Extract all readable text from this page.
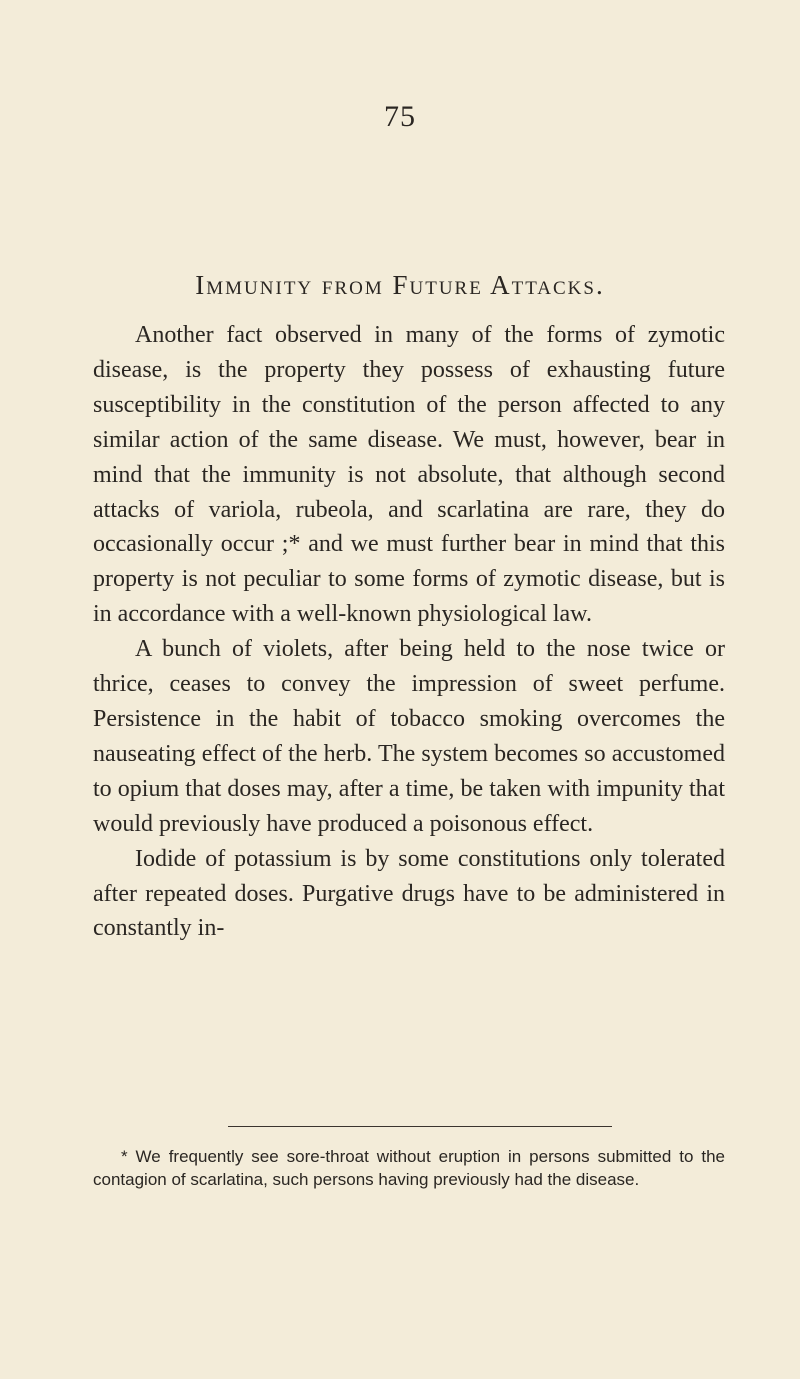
75
Immunity from Future Attacks.

Another fact observed in many of the forms of zymotic disease, is the property they possess of exhausting future susceptibility in the constitution of the person affected to any similar action of the same disease. We must, however, bear in mind that the immunity is not absolute, that although second attacks of variola, rubeola, and scarlatina are rare, they do occasionally occur ;* and we must further bear in mind that this property is not peculiar to some forms of zymotic disease, but is in accordance with a well-known physiological law.

A bunch of violets, after being held to the nose twice or thrice, ceases to convey the impression of sweet perfume. Persistence in the habit of tobacco smoking overcomes the nauseating effect of the herb. The system becomes so accustomed to opium that doses may, after a time, be taken with impunity that would previously have produced a poisonous effect.

Iodide of potassium is by some constitutions only tolerated after repeated doses. Purgative drugs have to be administered in constantly in-

* We frequently see sore-throat without eruption in persons submitted to the contagion of scarlatina, such persons having previously had the disease.
